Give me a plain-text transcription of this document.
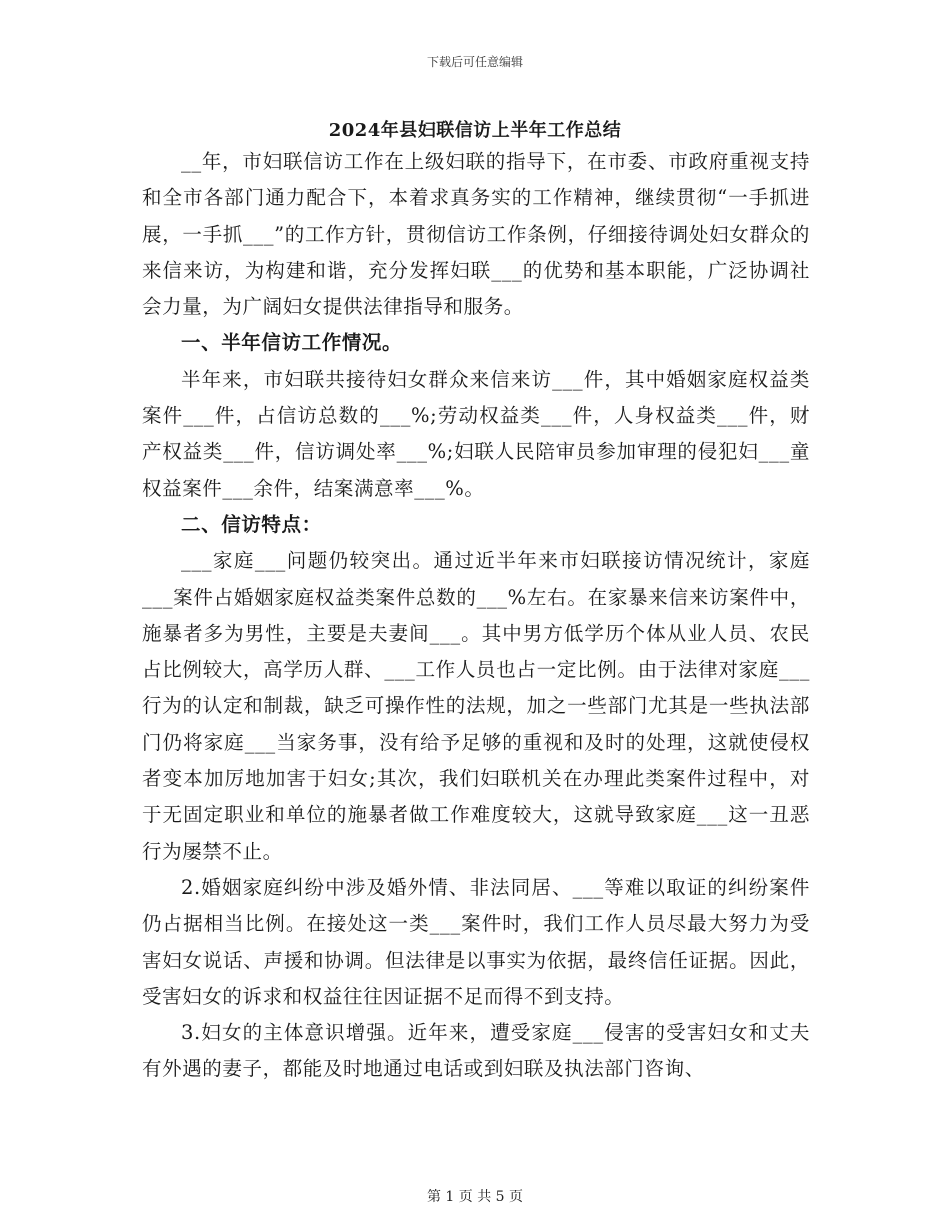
下载后可任意编辑
2024年县妇联信访上半年工作总结

__年，市妇联信访工作在上级妇联的指导下，在市委、市政府重视支持和全市各部门通力配合下，本着求真务实的工作精神，继续贯彻“一手抓进展，一手抓___”的工作方针，贯彻信访工作条例，仔细接待调处妇女群众的来信来访，为构建和谐，充分发挥妇联___的优势和基本职能，广泛协调社会力量，为广阔妇女提供法律指导和服务。

一、半年信访工作情况。

半年来，市妇联共接待妇女群众来信来访___件，其中婚姻家庭权益类案件___件，占信访总数的___%;劳动权益类___件，人身权益类___件，财产权益类___件，信访调处率___%;妇联人民陪审员参加审理的侵犯妇___童权益案件___余件，结案满意率___%。

二、信访特点：

___家庭___问题仍较突出。通过近半年来市妇联接访情况统计，家庭___案件占婚姻家庭权益类案件总数的___%左右。在家暴来信来访案件中，施暴者多为男性，主要是夫妻间___。其中男方低学历个体从业人员、农民占比例较大，高学历人群、___工作人员也占一定比例。由于法律对家庭___行为的认定和制裁，缺乏可操作性的法规，加之一些部门尤其是一些执法部门仍将家庭___当家务事，没有给予足够的重视和及时的处理，这就使侵权者变本加厉地加害于妇女;其次，我们妇联机关在办理此类案件过程中，对于无固定职业和单位的施暴者做工作难度较大，这就导致家庭___这一丑恶行为屡禁不止。

2.婚姻家庭纠纷中涉及婚外情、非法同居、___等难以取证的纠纷案件仍占据相当比例。在接处这一类___案件时，我们工作人员尽最大努力为受害妇女说话、声援和协调。但法律是以事实为依据，最终信任证据。因此，受害妇女的诉求和权益往往因证据不足而得不到支持。

3.妇女的主体意识增强。近年来，遭受家庭___侵害的受害妇女和丈夫有外遇的妻子，都能及时地通过电话或到妇联及执法部门咨询、

第 1 页 共 5 页
